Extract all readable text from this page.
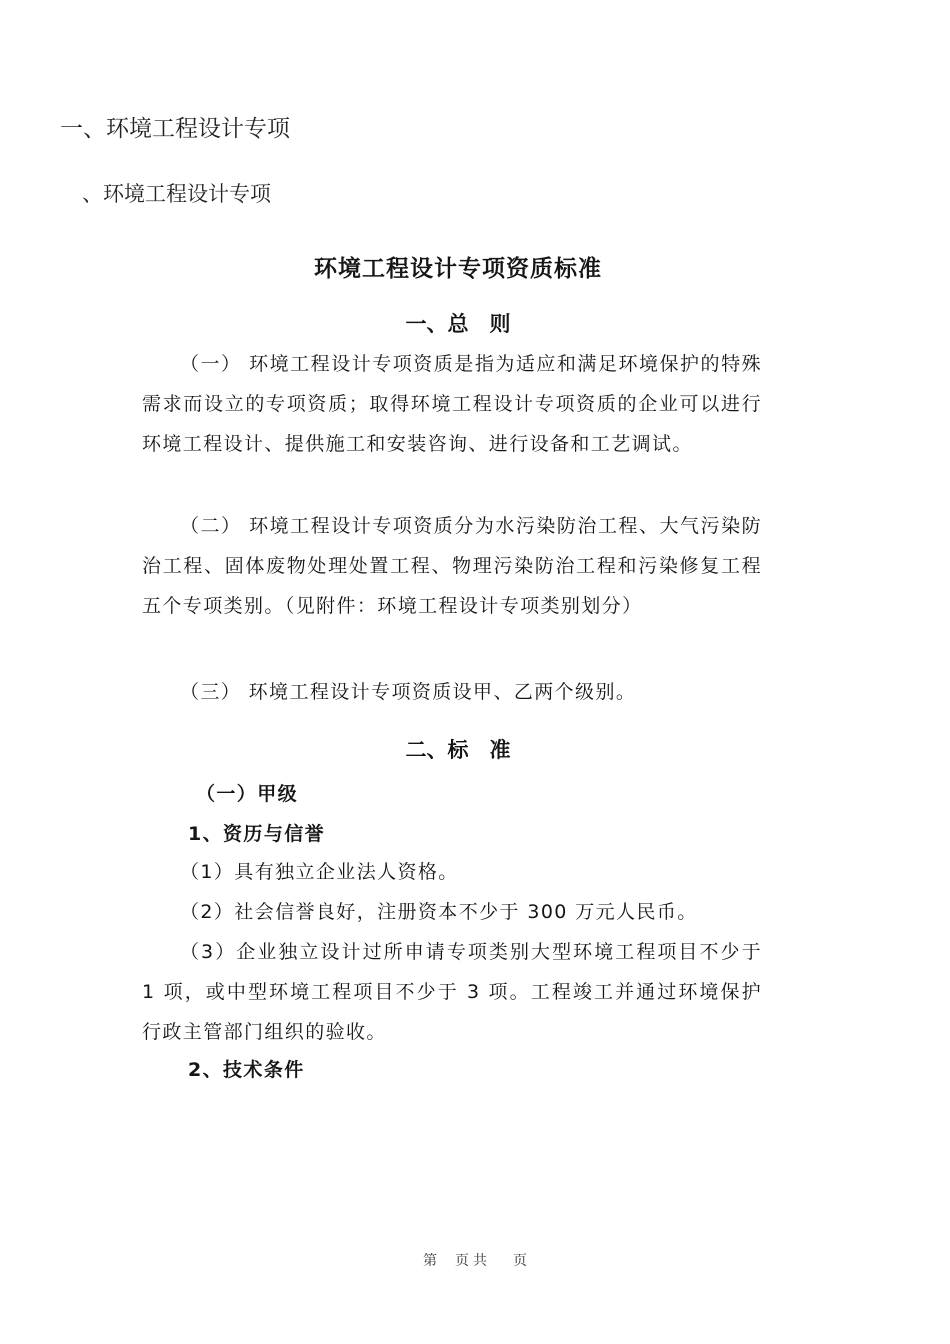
一、环境工程设计专项
、环境工程设计专项
环境工程设计专项资质标准
一、总　则

（一） 环境工程设计专项资质是指为适应和满足环境保护的特殊需求而设立的专项资质；取得环境工程设计专项资质的企业可以进行环境工程设计、提供施工和安装咨询、进行设备和工艺调试。

（二） 环境工程设计专项资质分为水污染防治工程、大气污染防治工程、固体废物处理处置工程、物理污染防治工程和污染修复工程五个专项类别。（见附件：环境工程设计专项类别划分）

（三） 环境工程设计专项资质设甲、乙两个级别。

二、标　准
（一）甲级
1、资历与信誉
（1）具有独立企业法人资格。
（2）社会信誉良好，注册资本不少于 300 万元人民币。

（3）企业独立设计过所申请专项类别大型环境工程项目不少于 1 项，或中型环境工程项目不少于 3 项。工程竣工并通过环境保护行政主管部门组织的验收。

2、技术条件
第 页 共 页
